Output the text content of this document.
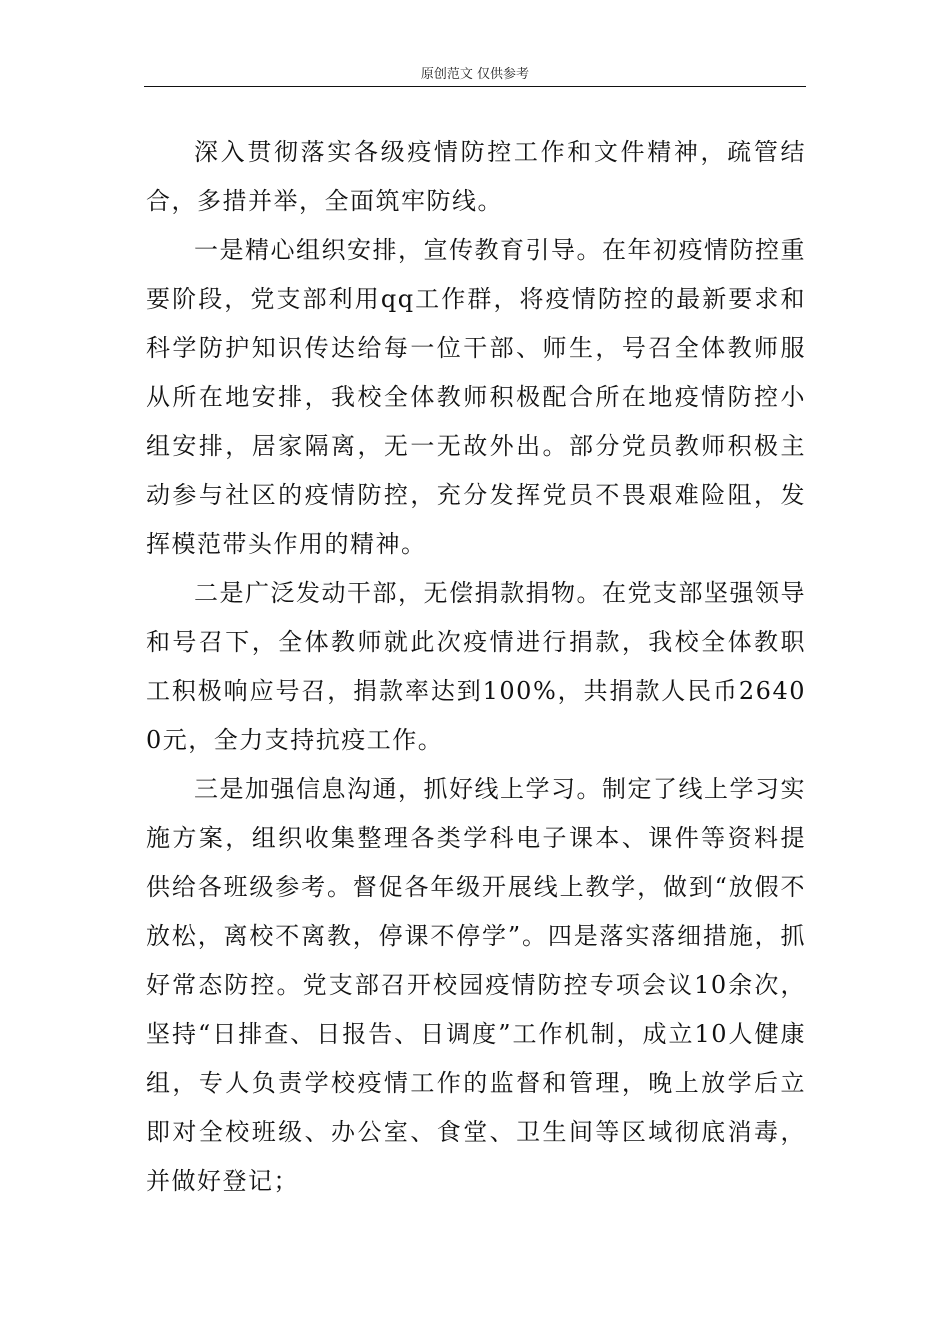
原创范文 仅供参考

深入贯彻落实各级疫情防控工作和文件精神，疏管结合，多措并举，全面筑牢防线。

一是精心组织安排，宣传教育引导。在年初疫情防控重要阶段，党支部利用qq工作群，将疫情防控的最新要求和科学防护知识传达给每一位干部、师生，号召全体教师服从所在地安排，我校全体教师积极配合所在地疫情防控小组安排，居家隔离，无一无故外出。部分党员教师积极主动参与社区的疫情防控，充分发挥党员不畏艰难险阻，发挥模范带头作用的精神。

二是广泛发动干部，无偿捐款捐物。在党支部坚强领导和号召下，全体教师就此次疫情进行捐款，我校全体教职工积极响应号召，捐款率达到100%，共捐款人民币26400元，全力支持抗疫工作。

三是加强信息沟通，抓好线上学习。制定了线上学习实施方案，组织收集整理各类学科电子课本、课件等资料提供给各班级参考。督促各年级开展线上教学，做到“放假不放松，离校不离教，停课不停学”。四是落实落细措施，抓好常态防控。党支部召开校园疫情防控专项会议10余次，坚持“日排查、日报告、日调度”工作机制，成立10人健康组，专人负责学校疫情工作的监督和管理，晚上放学后立即对全校班级、办公室、食堂、卫生间等区域彻底消毒，并做好登记；
